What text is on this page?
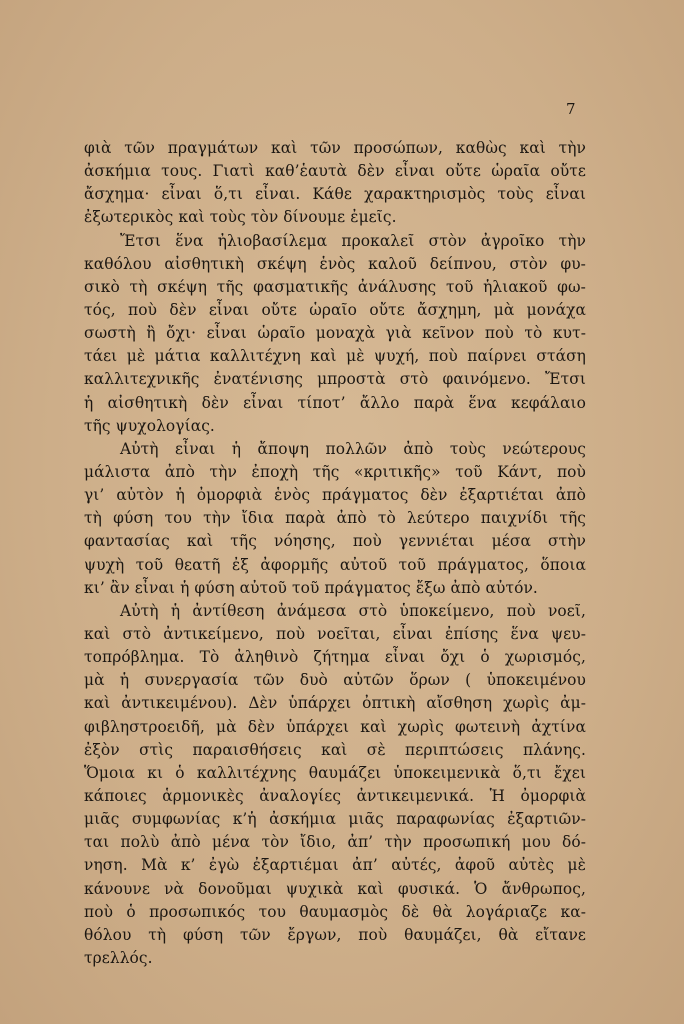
7
φιὰ τῶν πραγμάτων καὶ τῶν προσώπων, καθὼς καὶ τὴν
ἀσκήμια τους. Γιατὶ καθ’ἑαυτὰ δὲν εἶναι οὔτε ὡραῖα οὔτε
ἄσχημα· εἶναι ὅ,τι εἶναι. Κάθε χαρακτηρισμὸς τοὺς εἶναι
ἐξωτερικὸς καὶ τοὺς τὸν δίνουμε ἐμεῖς.
Ἔτσι ἕνα ἠλιοβασίλεμα προκαλεῖ στὸν ἀγροῖκο τὴν
καθόλου αἰσθητικὴ σκέψη ἑνὸς καλοῦ δείπνου, στὸν φυ-
σικὸ τὴ σκέψη τῆς φασματικῆς ἀνάλυσης τοῦ ἡλιακοῦ φω-
τός, ποὺ δὲν εἶναι οὔτε ὡραῖο οὔτε ἄσχημη, μὰ μονάχα
σωστὴ ἢ ὄχι· εἶναι ὡραῖο μοναχὰ γιὰ κεῖνον ποὺ τὸ κυτ-
τάει μὲ μάτια καλλιτέχνη καὶ μὲ ψυχή, ποὺ παίρνει στάση
καλλιτεχνικῆς ἐνατένισης μπροστὰ στὸ φαινόμενο. Ἔτσι
ἡ αἰσθητικὴ δὲν εἶναι τίποτ’ ἄλλο παρὰ ἕνα κεφάλαιο
τῆς ψυχολογίας.
Αὐτὴ εἶναι ἡ ἄποψη πολλῶν ἀπὸ τοὺς νεώτερους
μάλιστα ἀπὸ τὴν ἐποχὴ τῆς «κριτικῆς» τοῦ Κάντ, ποὺ
γι’ αὐτὸν ἡ ὀμορφιὰ ἑνὸς πράγματος δὲν ἐξαρτιέται ἀπὸ
τὴ φύση του τὴν ἴδια παρὰ ἀπὸ τὸ λεύτερο παιχνίδι τῆς
φαντασίας καὶ τῆς νόησης, ποὺ γεννιέται μέσα στὴν
ψυχὴ τοῦ θεατῆ ἐξ ἀφορμῆς αὐτοῦ τοῦ πράγματος, ὅποια
κι’ ἂν εἶναι ἡ φύση αὐτοῦ τοῦ πράγματος ἔξω ἀπὸ αὐτόν.
Αὐτὴ ἡ ἀντίθεση ἀνάμεσα στὸ ὑποκείμενο, ποὺ νοεῖ,
καὶ στὸ ἀντικείμενο, ποὺ νοεῖται, εἶναι ἐπίσης ἕνα ψευ-
τοπρόβλημα. Τὸ ἀληθινὸ ζήτημα εἶναι ὄχι ὁ χωρισμός,
μὰ ἡ συνεργασία τῶν δυὸ αὐτῶν ὅρων ( ὑποκειμένου
καὶ ἀντικειμένου). Δὲν ὑπάρχει ὀπτικὴ αἴσθηση χωρὶς ἀμ-
φιβληστροειδῆ, μὰ δὲν ὑπάρχει καὶ χωρὶς φωτεινὴ ἀχτίνα
ἐξὸν στὶς παραισθήσεις καὶ σὲ περιπτώσεις πλάνης.
Ὅμοια κι ὁ καλλιτέχνης θαυμάζει ὑποκειμενικὰ ὅ,τι ἔχει
κάποιες ἁρμονικὲς ἀναλογίες ἀντικειμενικά. Ἡ ὀμορφιὰ
μιᾶς συμφωνίας κ’ἡ ἀσκήμια μιᾶς παραφωνίας ἐξαρτιῶν-
ται πολὺ ἀπὸ μένα τὸν ἴδιο, ἀπ’ τὴν προσωπική μου δό-
νηση. Μὰ κ’ ἐγὼ ἐξαρτιέμαι ἀπ’ αὐτές, ἀφοῦ αὐτὲς μὲ
κάνουνε νὰ δονοῦμαι ψυχικὰ καὶ φυσικά. Ὁ ἄνθρωπος,
ποὺ ὁ προσωπικός του θαυμασμὸς δὲ θὰ λογάριαζε κα-
θόλου τὴ φύση τῶν ἔργων, ποὺ θαυμάζει, θὰ εἴτανε
τρελλός.
